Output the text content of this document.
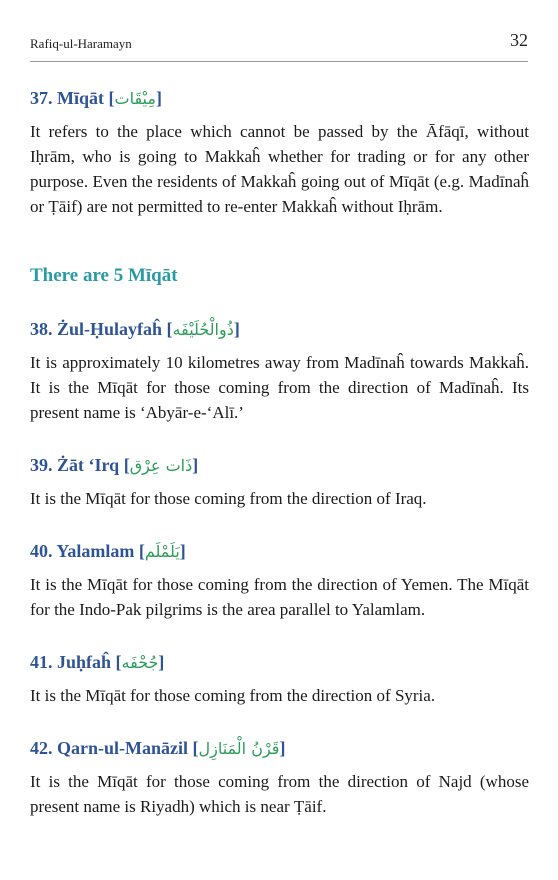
Rafiq-ul-Haramayn	32
37. Mīqāt [مِیْقَات]

It refers to the place which cannot be passed by the Āfāqī, without Iḥrām, who is going to Makkaĥ whether for trading or for any other purpose. Even the residents of Makkaĥ going out of Mīqāt (e.g. Madīnaĥ or Ṭāif) are not permitted to re-enter Makkaĥ without Iḥrām.

There are 5 Mīqāt
38. Żul-Ḥulayfaĥ [ذُوالْحُلَيْفَه]

It is approximately 10 kilometres away from Madīnaĥ towards Makkaĥ. It is the Mīqāt for those coming from the direction of Madīnaĥ. Its present name is ‘Abyār-e-‘Alī.’

39. Żāt ‘Irq [ذَات عِرْق]

It is the Mīqāt for those coming from the direction of Iraq.

40. Yalamlam [يَلَمْلَم]

It is the Mīqāt for those coming from the direction of Yemen. The Mīqāt for the Indo-Pak pilgrims is the area parallel to Yalamlam.

41. Juḥfaĥ [جُحْفَه]

It is the Mīqāt for those coming from the direction of Syria.

42. Qarn-ul-Manāzil [قَرْنُ الْمَنَازِل]

It is the Mīqāt for those coming from the direction of Najd (whose present name is Riyadh) which is near Ṭāif.
